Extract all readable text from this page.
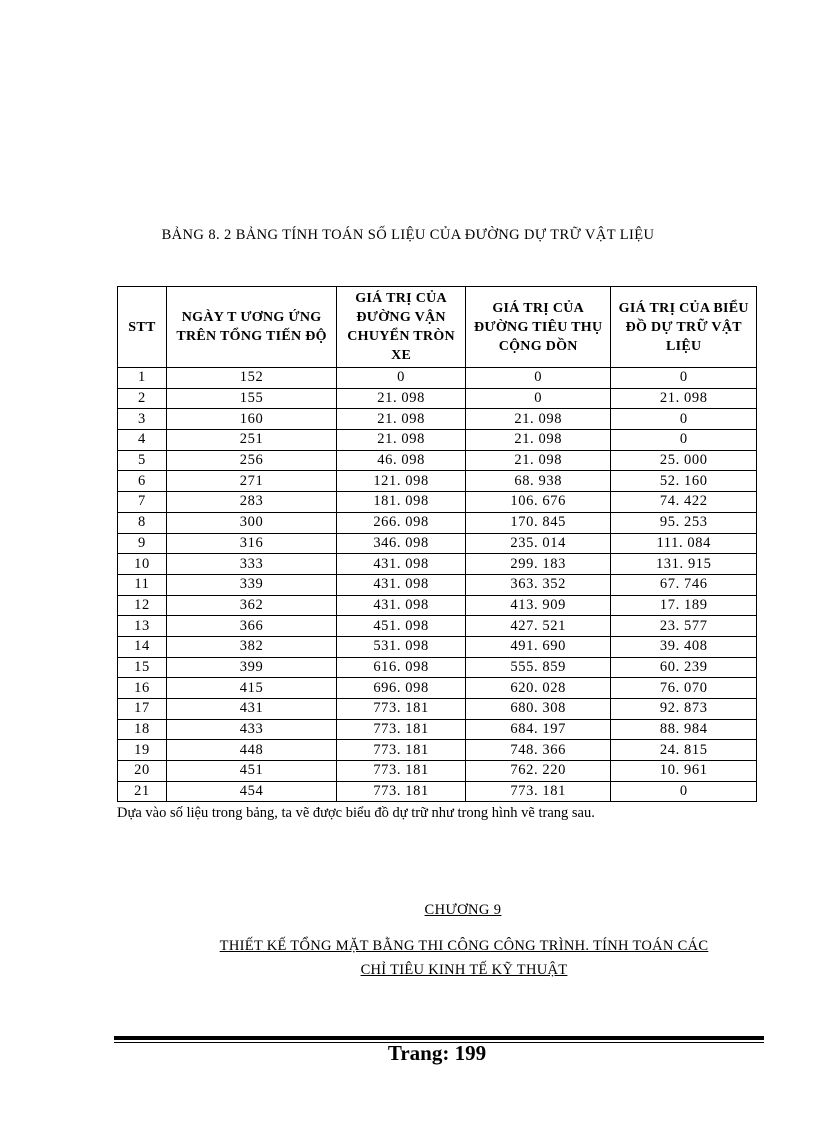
BẢNG 8. 2 BẢNG TÍNH TOÁN SỐ LIỆU CỦA ĐƯỜNG DỰ TRỮ VẬT LIỆU
STT	NGÀY T ƯƠNG ỨNG TRÊN TỔNG TIẾN ĐỘ	GIÁ TRỊ CỦA ĐƯỜNG VẬN CHUYỂN TRÒN XE	GIÁ TRỊ CỦA ĐƯỜNG TIÊU THỤ CỘNG DỒN	GIÁ TRỊ CỦA BIỂU ĐỒ DỰ TRỮ VẬT LIỆU
1	152	0	0	0
2	155	21. 098	0	21. 098
3	160	21. 098	21. 098	0
4	251	21. 098	21. 098	0
5	256	46. 098	21. 098	25. 000
6	271	121. 098	68. 938	52. 160
7	283	181. 098	106. 676	74. 422
8	300	266. 098	170. 845	95. 253
9	316	346. 098	235. 014	111. 084
10	333	431. 098	299. 183	131. 915
11	339	431. 098	363. 352	67. 746
12	362	431. 098	413. 909	17. 189
13	366	451. 098	427. 521	23. 577
14	382	531. 098	491. 690	39. 408
15	399	616. 098	555. 859	60. 239
16	415	696. 098	620. 028	76. 070
17	431	773. 181	680. 308	92. 873
18	433	773. 181	684. 197	88. 984
19	448	773. 181	748. 366	24. 815
20	451	773. 181	762. 220	10. 961
21	454	773. 181	773. 181	0
Dựa vào số liệu trong bảng, ta vẽ được biểu đồ dự trữ như trong hình vẽ trang sau.
CHƯƠNG 9
THIẾT KẾ TỔNG MẶT BẰNG THI CÔNG CÔNG TRÌNH. TÍNH TOÁN CÁC
CHỈ TIÊU KINH TẾ KỸ THUẬT
Trang: 199
